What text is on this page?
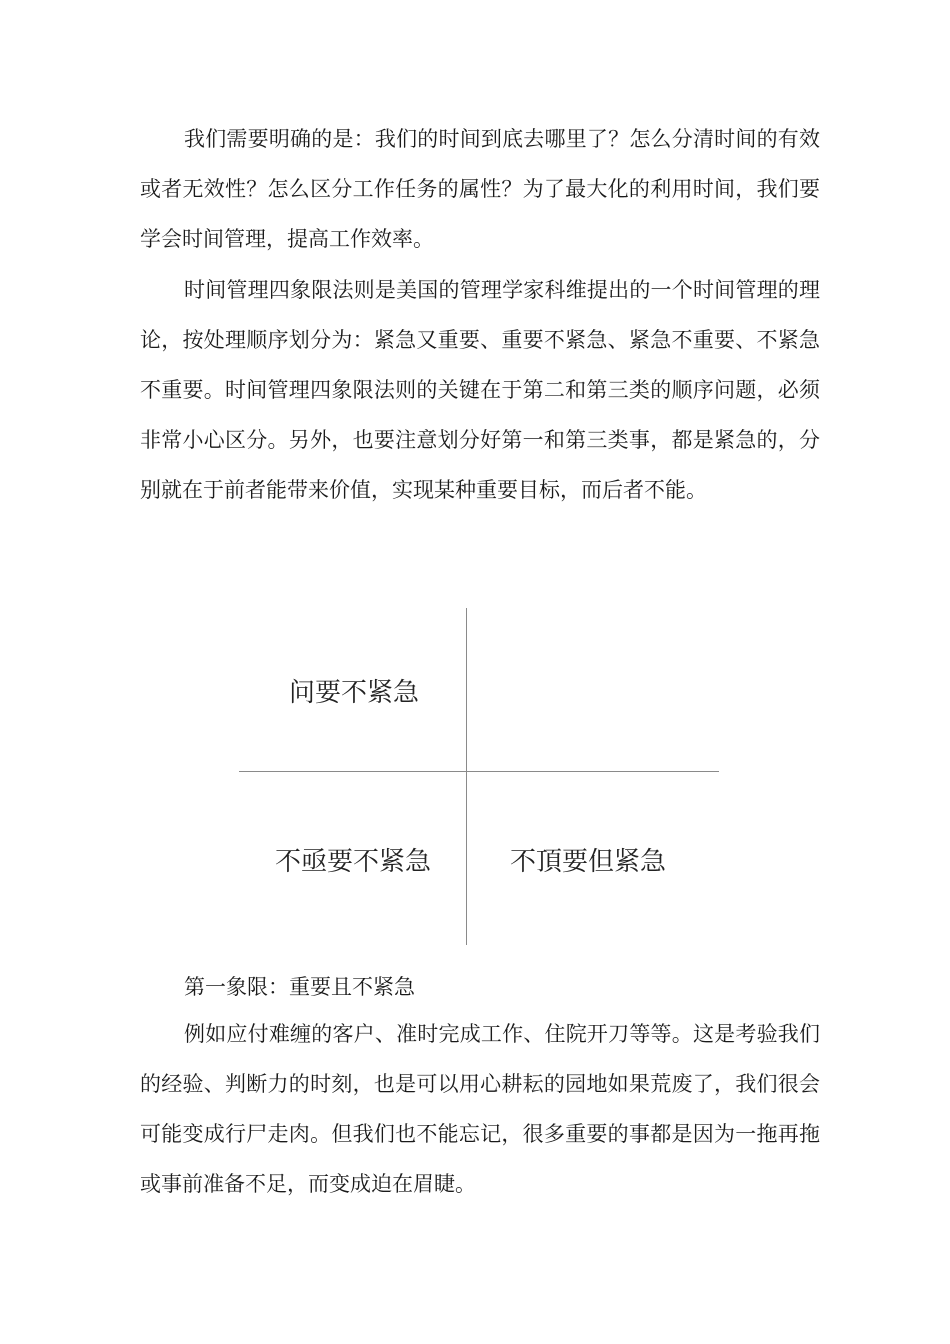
我们需要明确的是：我们的时间到底去哪里了？怎么分清时间的有效或者无效性？怎么区分工作任务的属性？为了最大化的利用时间，我们要学会时间管理，提高工作效率。

时间管理四象限法则是美国的管理学家科维提出的一个时间管理的理论，按处理顺序划分为：紧急又重要、重要不紧急、紧急不重要、不紧急不重要。时间管理四象限法则的关键在于第二和第三类的顺序问题，必须非常小心区分。另外，也要注意划分好第一和第三类事，都是紧急的，分别就在于前者能带来价值，实现某种重要目标，而后者不能。

问要不紧急
不亟要不紧急	不頂要但紧急

第一象限：重要且不紧急

例如应付难缠的客户、准时完成工作、住院开刀等等。这是考验我们的经验、判断力的时刻，也是可以用心耕耘的园地如果荒废了，我们很会可能变成行尸走肉。但我们也不能忘记，很多重要的事都是因为一拖再拖或事前准备不足，而变成迫在眉睫。
